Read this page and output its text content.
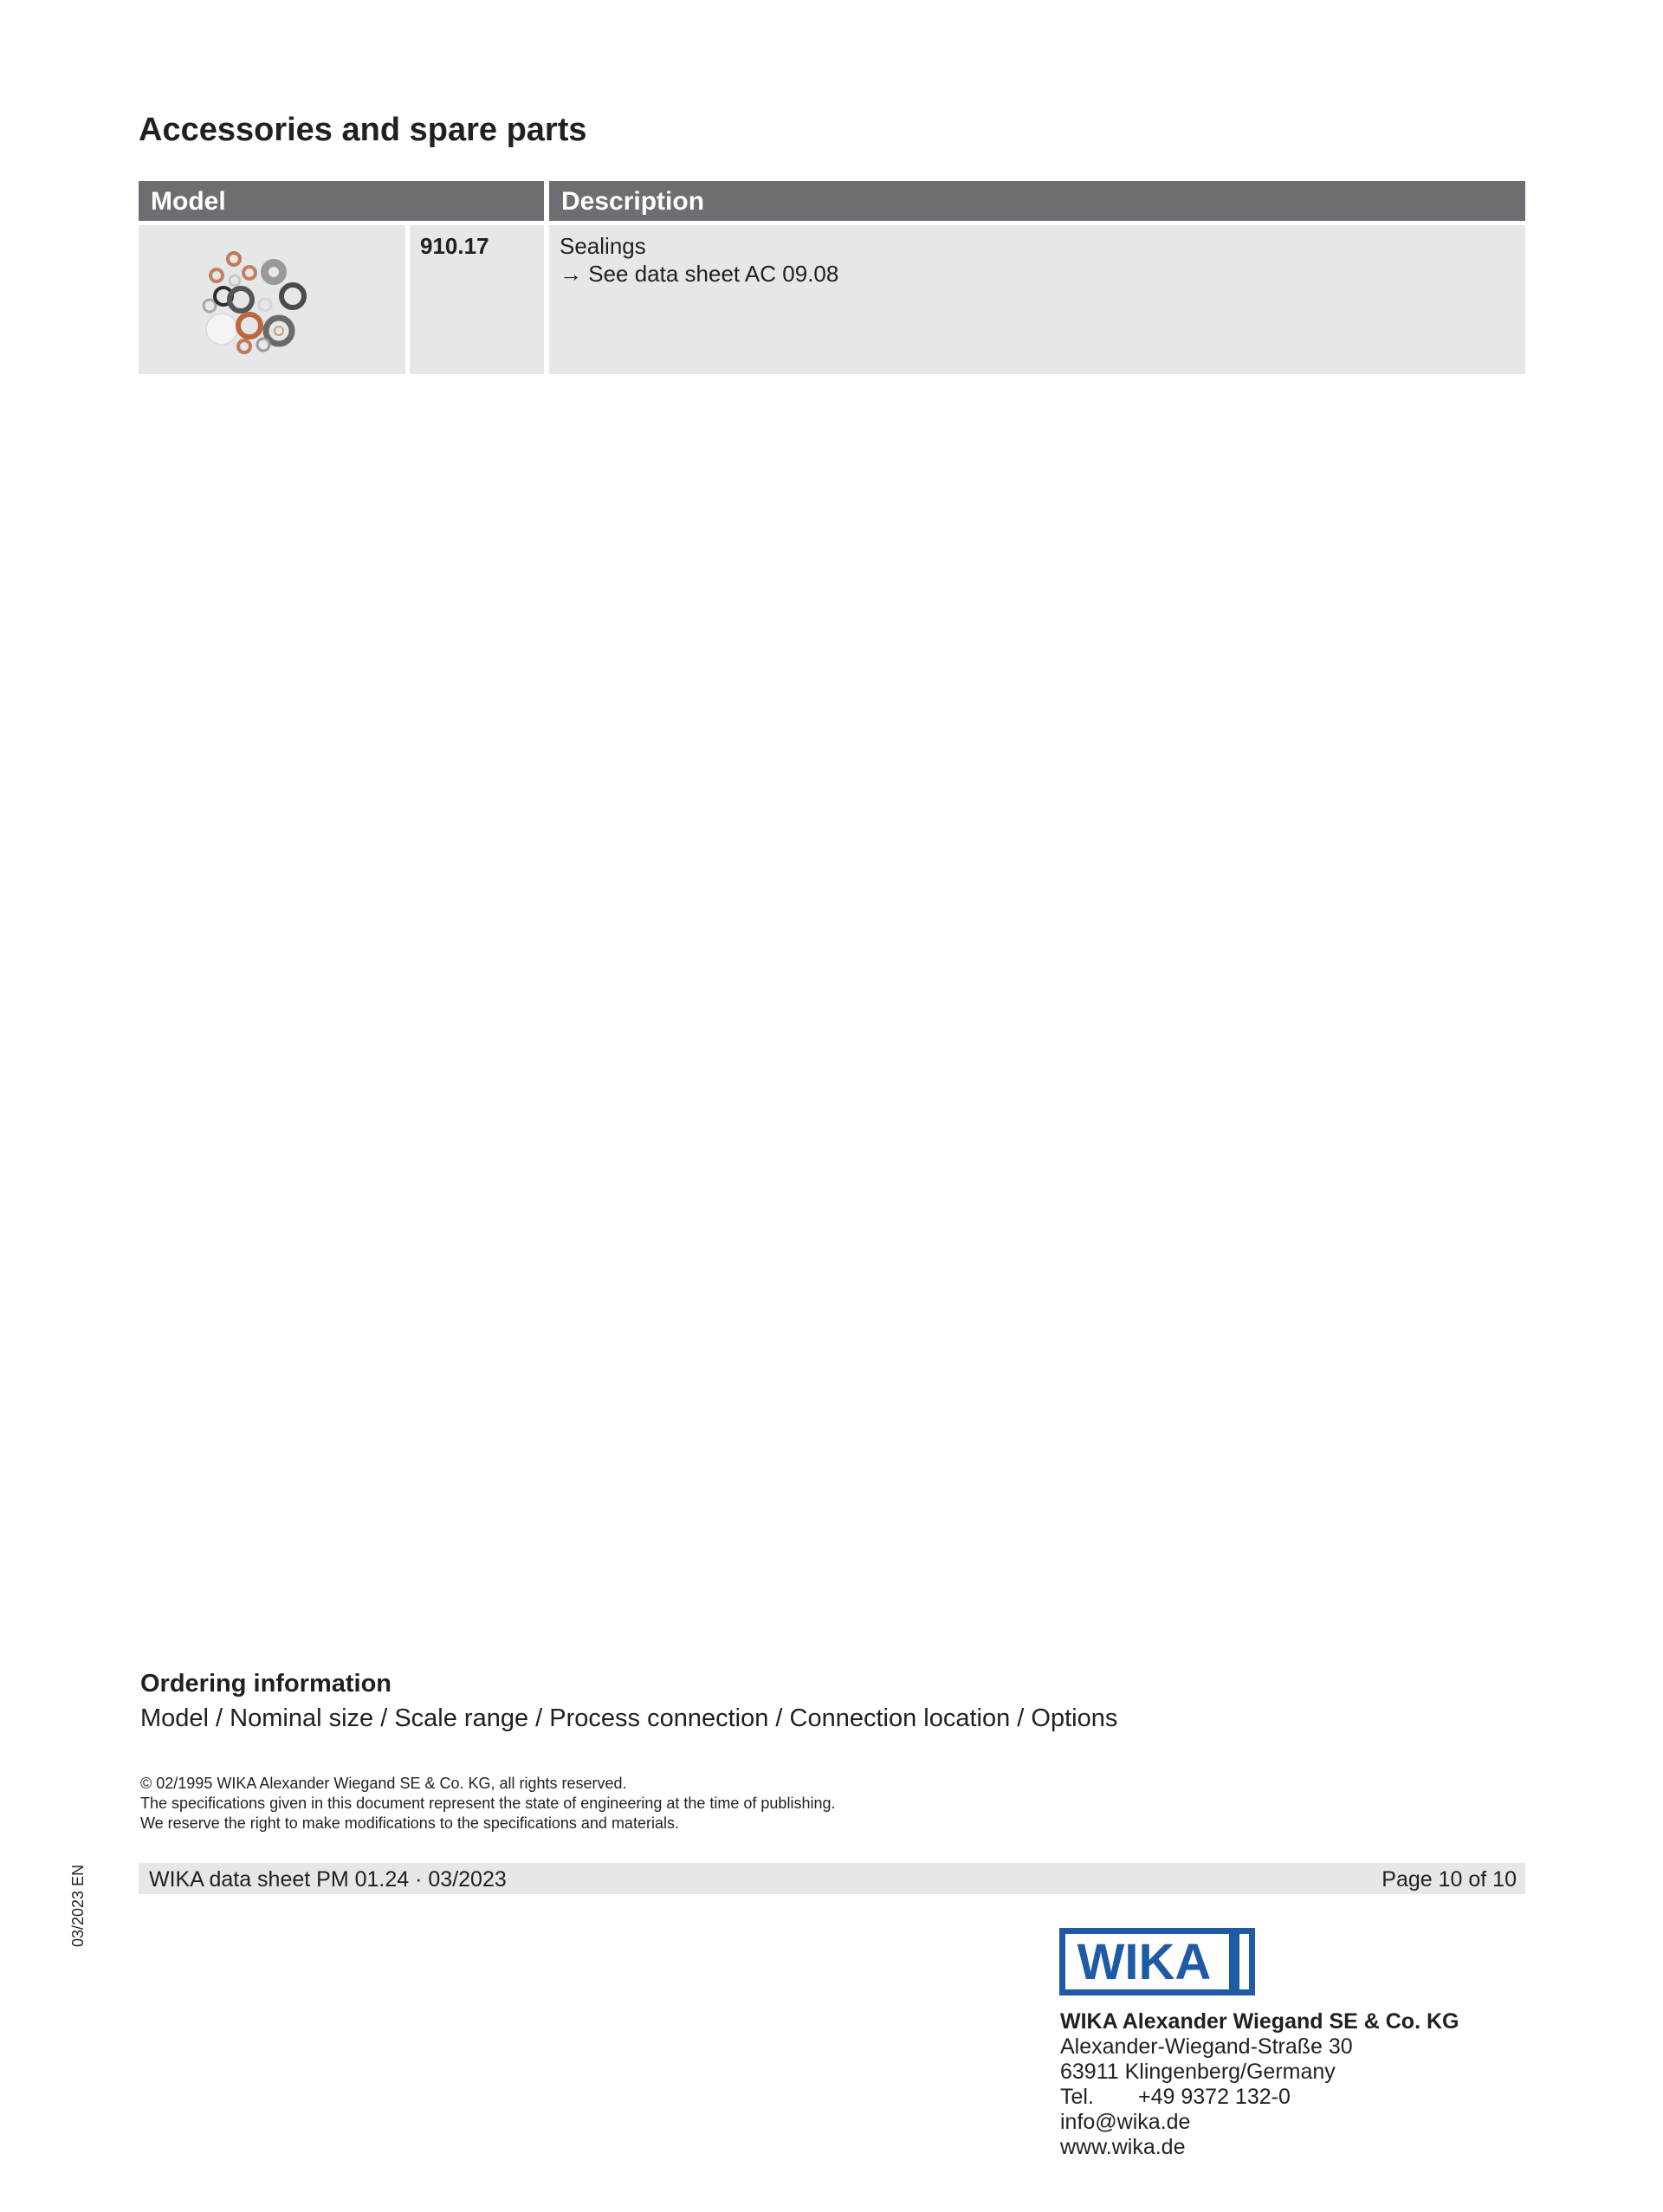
Accessories and spare parts
Model	Description
910.17	Sealings
→ See data sheet AC 09.08
Ordering information
Model / Nominal size / Scale range / Process connection / Connection location / Options
© 02/1995 WIKA Alexander Wiegand SE & Co. KG, all rights reserved.
The specifications given in this document represent the state of engineering at the time of publishing.
We reserve the right to make modifications to the specifications and materials.
WIKA data sheet PM 01.24 · 03/2023	Page 10 of 10
03/2023 EN
WIKA
WIKA Alexander Wiegand SE & Co. KG
Alexander-Wiegand-Straße 30
63911 Klingenberg/Germany
Tel. +49 9372 132-0
info@wika.de
www.wika.de
